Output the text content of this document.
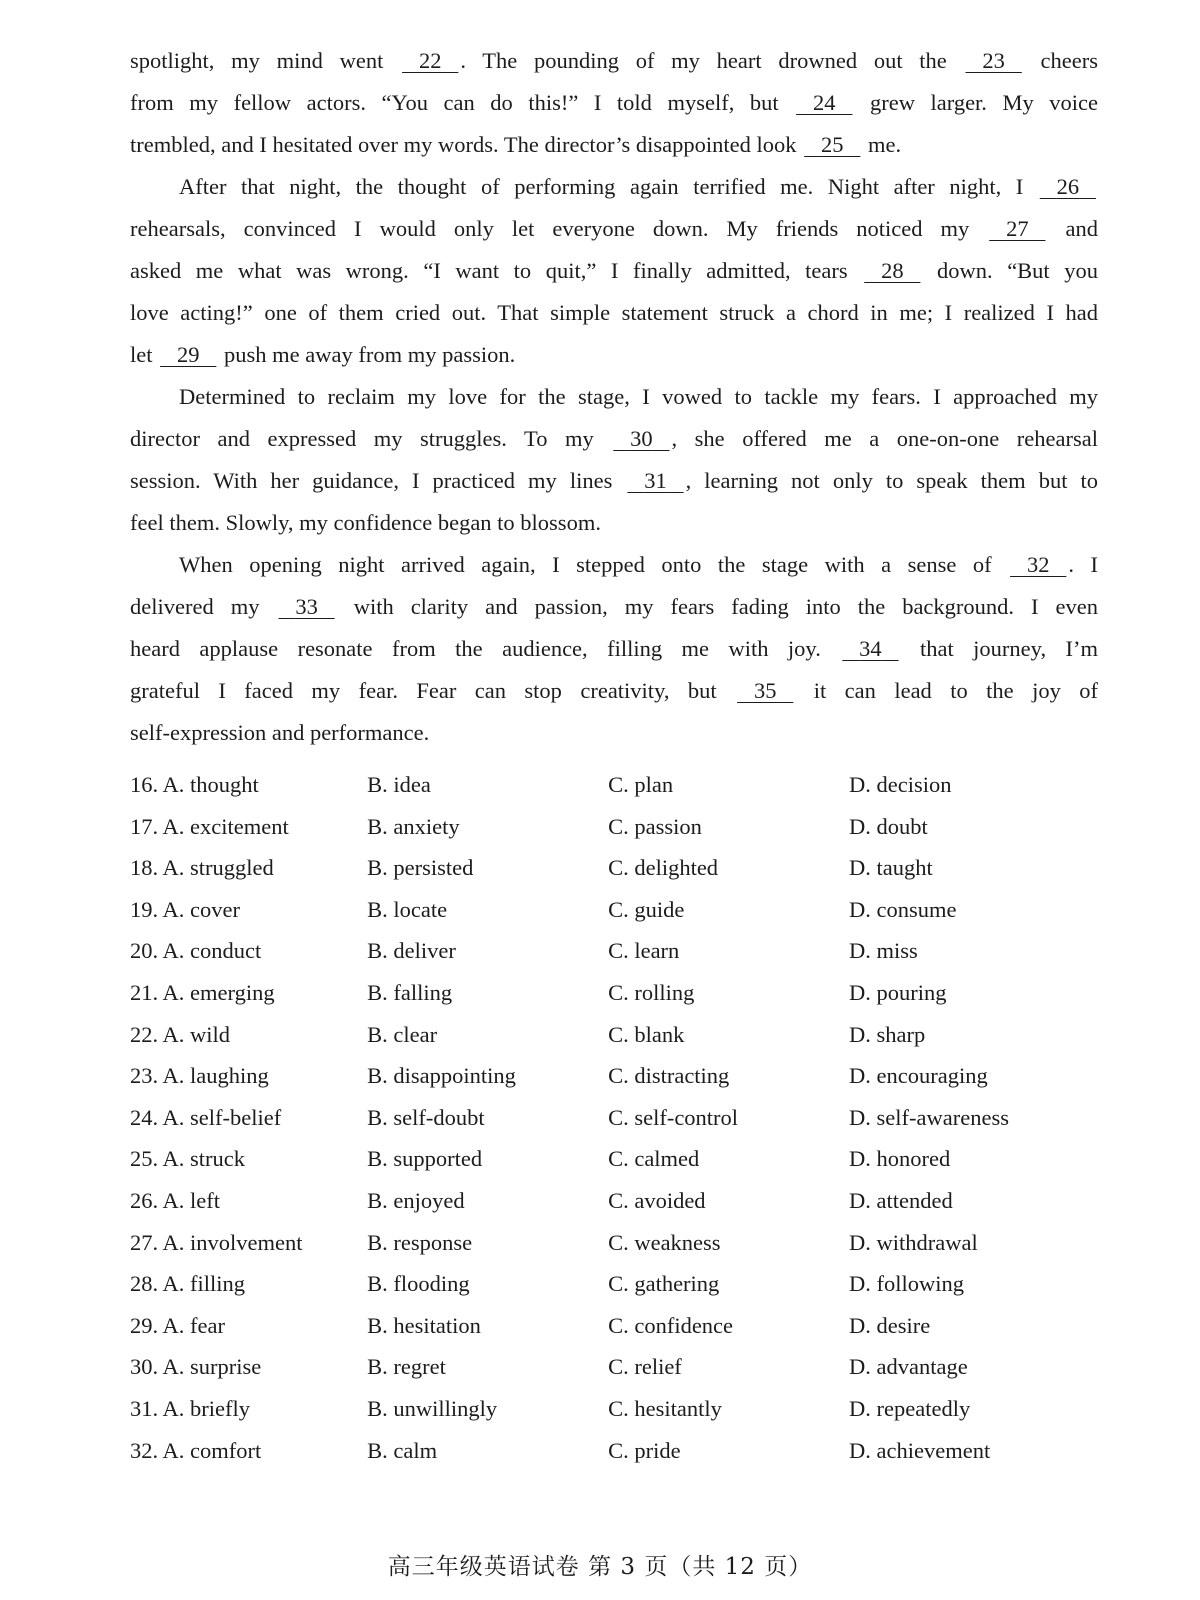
spotlight, my mind went 22 . The pounding of my heart drowned out the 23 cheers
from my fellow actors. “You can do this!” I told myself, but 24 grew larger. My voice
trembled, and I hesitated over my words. The director’s disappointed look 25 me.
After that night, the thought of performing again terrified me. Night after night, I 26
rehearsals, convinced I would only let everyone down. My friends noticed my 27 and
asked me what was wrong. “I want to quit,” I finally admitted, tears 28 down. “But you
love acting!” one of them cried out. That simple statement struck a chord in me; I realized I had
let 29 push me away from my passion.
Determined to reclaim my love for the stage, I vowed to tackle my fears. I approached my
director and expressed my struggles. To my 30 , she offered me a one-on-one rehearsal
session. With her guidance, I practiced my lines 31 , learning not only to speak them but to
feel them. Slowly, my confidence began to blossom.
When opening night arrived again, I stepped onto the stage with a sense of 32 . I
delivered my 33 with clarity and passion, my fears fading into the background. I even
heard applause resonate from the audience, filling me with joy. 34 that journey, I’m
grateful I faced my fear. Fear can stop creativity, but 35 it can lead to the joy of
self-expression and performance.
16. A. thought	B. idea	C. plan	D. decision
17. A. excitement	B. anxiety	C. passion	D. doubt
18. A. struggled	B. persisted	C. delighted	D. taught
19. A. cover	B. locate	C. guide	D. consume
20. A. conduct	B. deliver	C. learn	D. miss
21. A. emerging	B. falling	C. rolling	D. pouring
22. A. wild	B. clear	C. blank	D. sharp
23. A. laughing	B. disappointing	C. distracting	D. encouraging
24. A. self-belief	B. self-doubt	C. self-control	D. self-awareness
25. A. struck	B. supported	C. calmed	D. honored
26. A. left	B. enjoyed	C. avoided	D. attended
27. A. involvement	B. response	C. weakness	D. withdrawal
28. A. filling	B. flooding	C. gathering	D. following
29. A. fear	B. hesitation	C. confidence	D. desire
30. A. surprise	B. regret	C. relief	D. advantage
31. A. briefly	B. unwillingly	C. hesitantly	D. repeatedly
32. A. comfort	B. calm	C. pride	D. achievement
高三年级英语试卷 第 3 页（共 12 页）
